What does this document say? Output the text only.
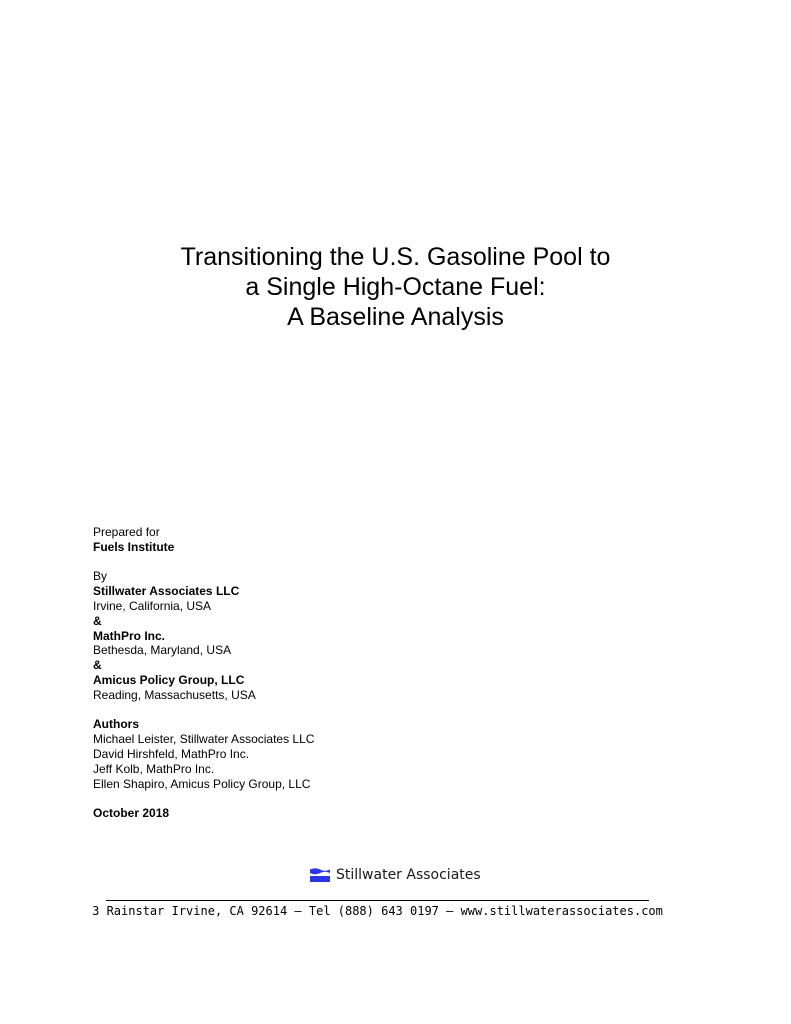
Transitioning the U.S. Gasoline Pool to
a Single High-Octane Fuel:
A Baseline Analysis
Prepared for
Fuels Institute
By
Stillwater Associates LLC
Irvine, California, USA
&
MathPro Inc.
Bethesda, Maryland, USA
&
Amicus Policy Group, LLC
Reading, Massachusetts, USA
Authors
Michael Leister, Stillwater Associates LLC
David Hirshfeld, MathPro Inc.
Jeff Kolb, MathPro Inc.
Ellen Shapiro, Amicus Policy Group, LLC
October 2018
Stillwater Associates
3 Rainstar Irvine, CA 92614 – Tel (888) 643 0197 – www.stillwaterassociates.com
